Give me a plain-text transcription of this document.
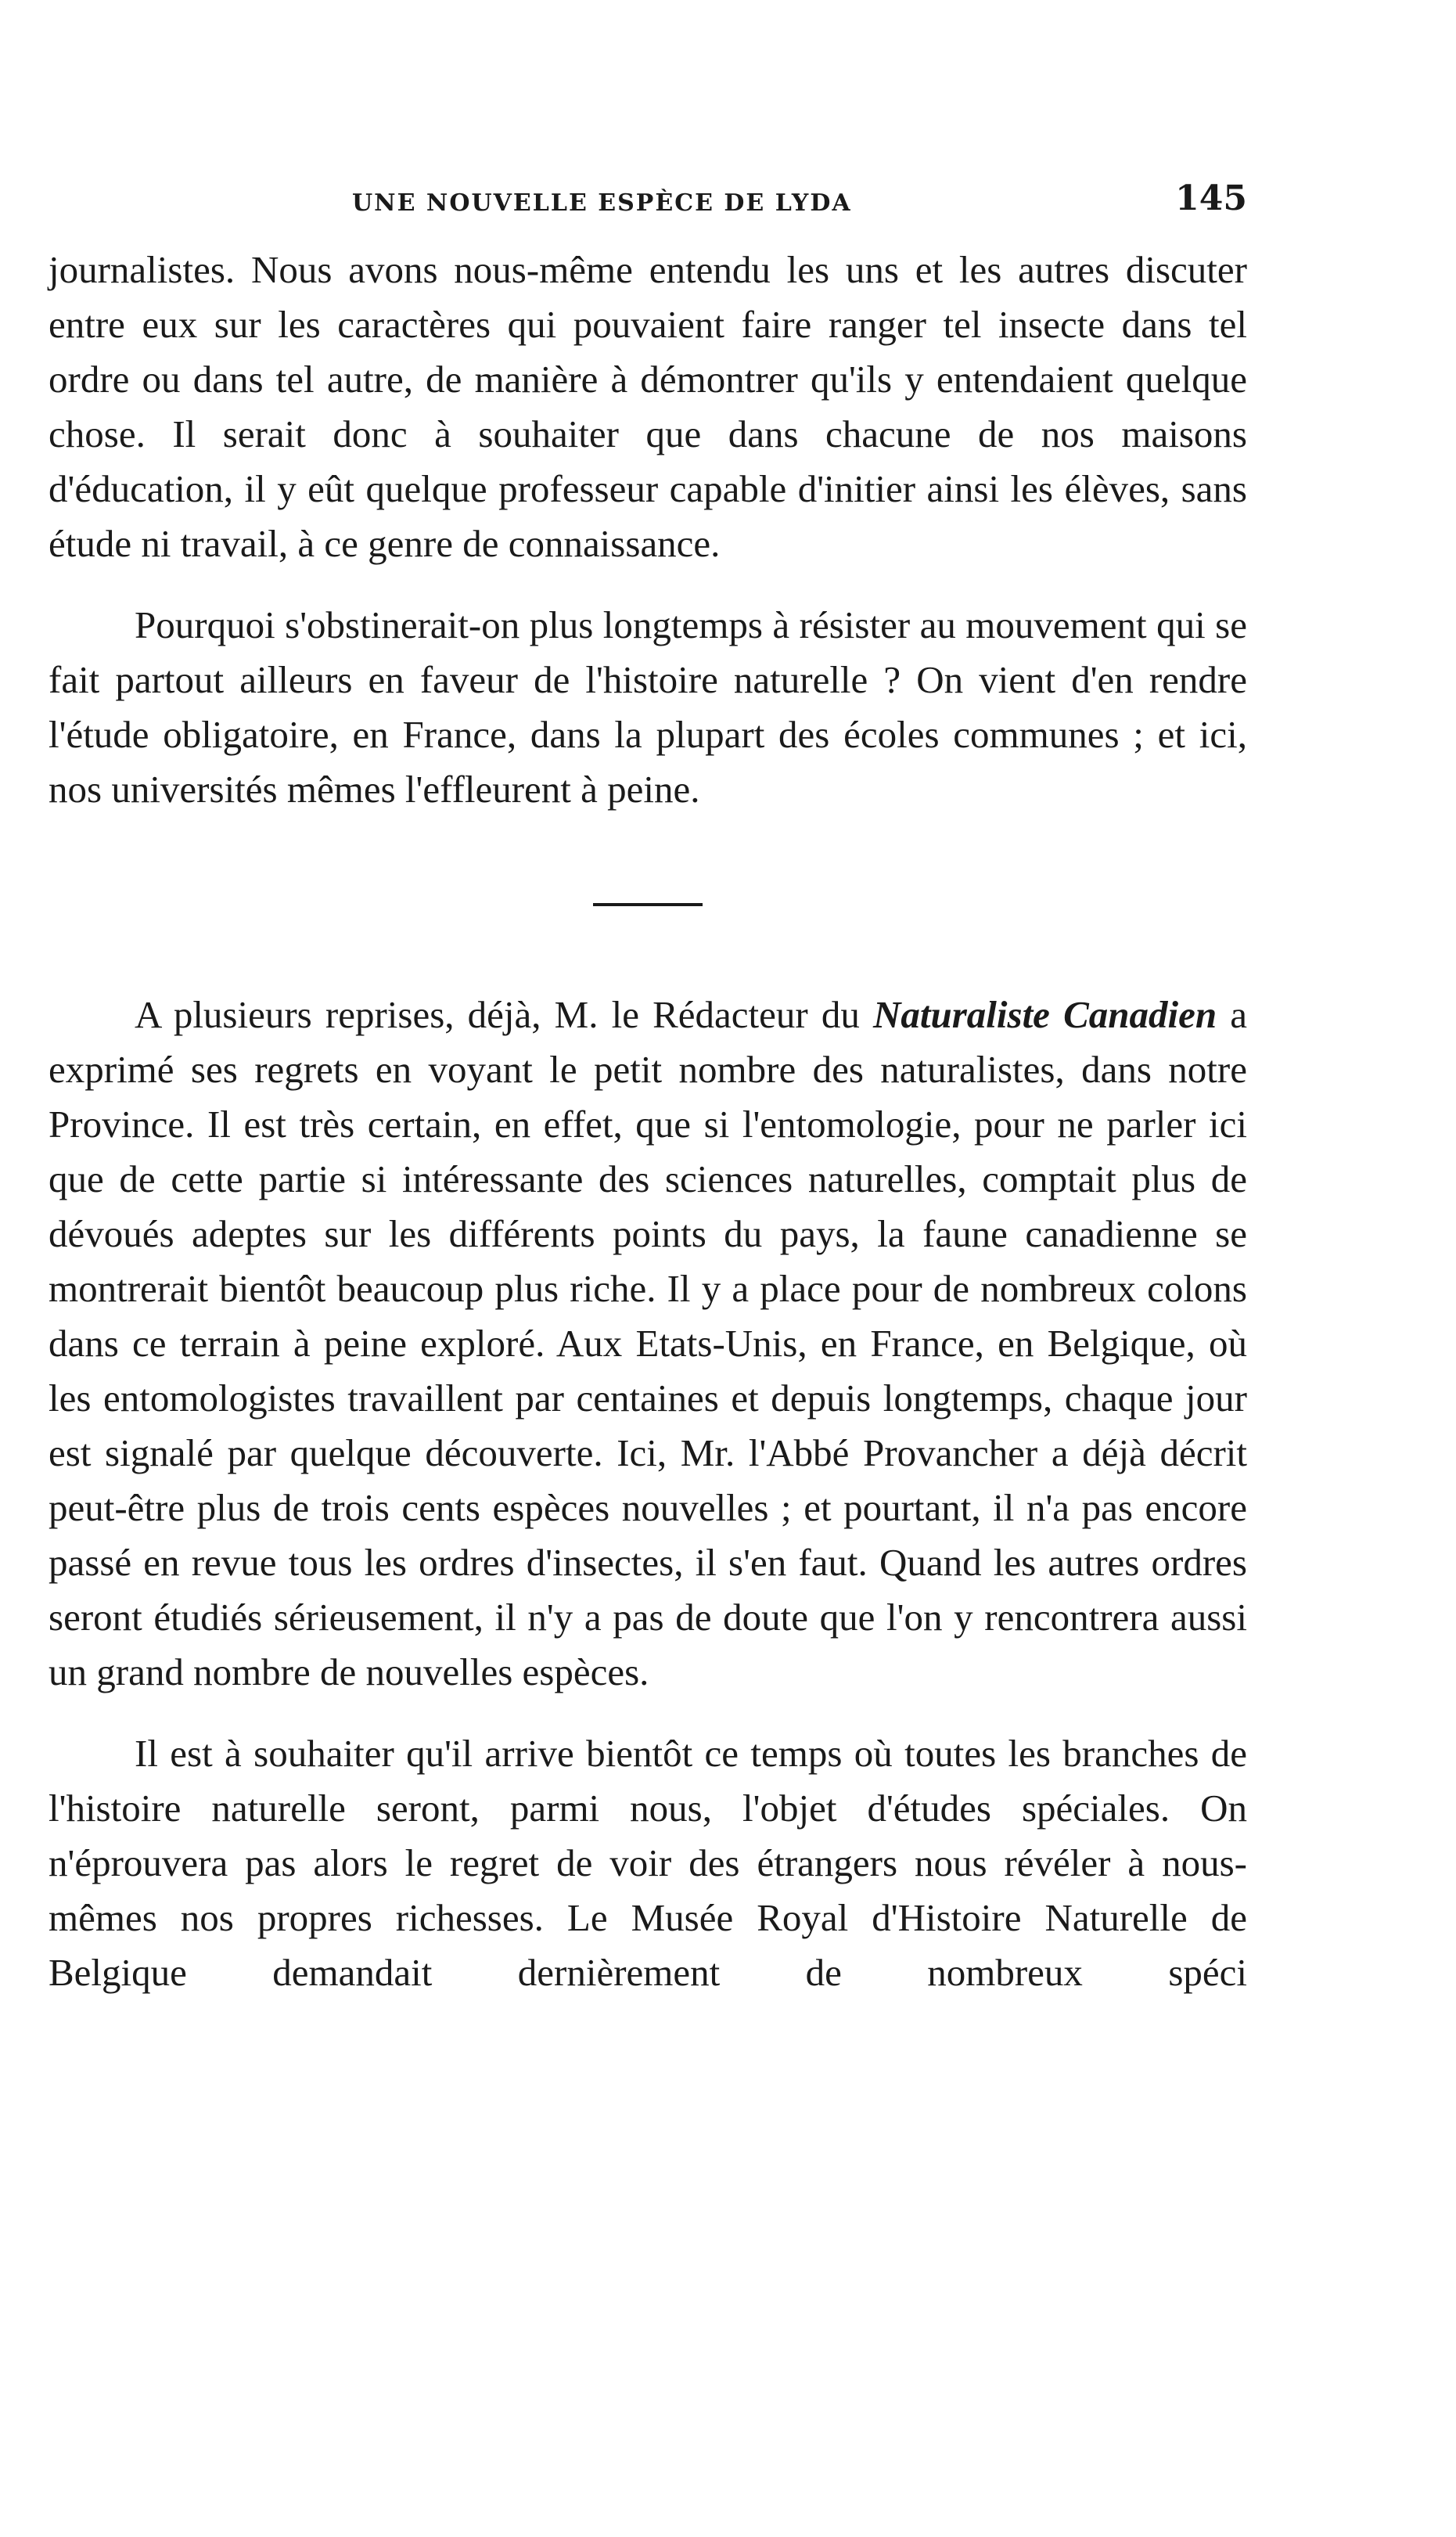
UNE NOUVELLE ESPÈCE DE LYDA	145

journalistes. Nous avons nous-même entendu les uns et les autres discuter entre eux sur les caractères qui pouvaient faire ranger tel insecte dans tel ordre ou dans tel autre, de manière à démontrer qu'ils y entendaient quelque chose. Il serait donc à souhaiter que dans chacune de nos maisons d'éducation, il y eût quelque professeur capable d'initier ainsi les élèves, sans étude ni travail, à ce genre de connaissance.

Pourquoi s'obstinerait-on plus longtemps à résister au mouvement qui se fait partout ailleurs en faveur de l'histoire naturelle ? On vient d'en rendre l'étude obligatoire, en France, dans la plupart des écoles communes ; et ici, nos universités mêmes l'effleurent à peine.

A plusieurs reprises, déjà, M. le Rédacteur du Naturaliste Canadien a exprimé ses regrets en voyant le petit nombre des naturalistes, dans notre Province. Il est très certain, en effet, que si l'entomologie, pour ne parler ici que de cette partie si intéressante des sciences naturelles, comptait plus de dévoués adeptes sur les différents points du pays, la faune canadienne se montrerait bientôt beaucoup plus riche. Il y a place pour de nombreux colons dans ce terrain à peine exploré. Aux Etats-Unis, en France, en Belgique, où les entomologistes travaillent par centaines et depuis longtemps, chaque jour est signalé par quelque découverte. Ici, Mr. l'Abbé Provancher a déjà décrit peut-être plus de trois cents espèces nouvelles ; et pourtant, il n'a pas encore passé en revue tous les ordres d'insectes, il s'en faut. Quand les autres ordres seront étudiés sérieusement, il n'y a pas de doute que l'on y rencontrera aussi un grand nombre de nouvelles espèces.

Il est à souhaiter qu'il arrive bientôt ce temps où toutes les branches de l'histoire naturelle seront, parmi nous, l'objet d'études spéciales. On n'éprouvera pas alors le regret de voir des étrangers nous révéler à nous-mêmes nos propres richesses. Le Musée Royal d'Histoire Naturelle de Belgique demandait dernièrement de nombreux spéci
